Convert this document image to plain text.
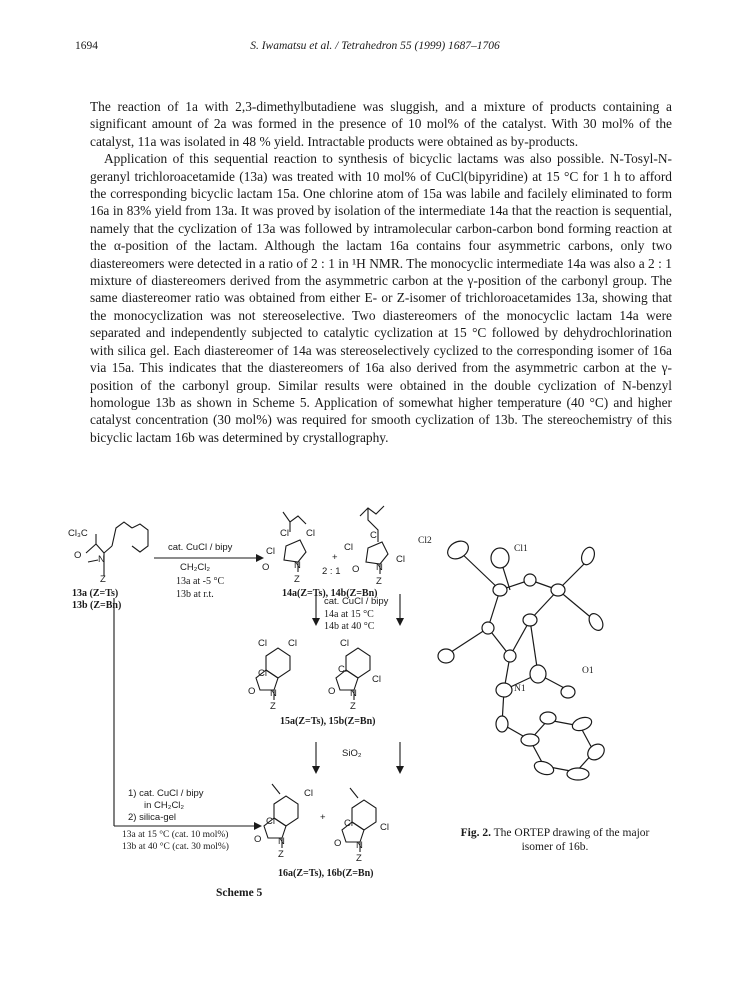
1694	S. Iwamatsu et al. / Tetrahedron 55 (1999) 1687–1706

The reaction of 1a with 2,3-dimethylbutadiene was sluggish, and a mixture of products containing a significant amount of 2a was formed in the presence of 10 mol% of the catalyst. With 30 mol% of the catalyst, 11a was isolated in 48 % yield. Intractable products were obtained as by-products.

Application of this sequential reaction to synthesis of bicyclic lactams was also possible. N-Tosyl-N-geranyl trichloroacetamide (13a) was treated with 10 mol% of CuCl(bipyridine) at 15 °C for 1 h to afford the corresponding bicyclic lactam 15a. One chlorine atom of 15a was labile and facilely eliminated to form 16a in 83% yield from 13a. It was proved by isolation of the intermediate 14a that the reaction is sequential, namely that the cyclization of 13a was followed by intramolecular carbon-carbon bond forming reaction at the α-position of the lactam. Although the lactam 16a contains four asymmetric carbons, only two diastereomers were detected in a ratio of 2 : 1 in ¹H NMR. The monocyclic intermediate 14a was also a 2 : 1 mixture of diastereomers derived from the asymmetric carbon at the γ-position of the carbonyl group. The same diastereomer ratio was obtained from either E- or Z-isomer of trichloroacetamides 13a, showing that the monocyclization was not stereoselective. Two diastereomers of the monocyclic lactam 14a were separated and independently subjected to catalytic cyclization at 15 °C followed by dehydrochlorination with silica gel. Each diastereomer of 14a was stereoselectively cyclized to the corresponding isomer of 16a via 15a. This indicates that the diastereomers of 16a also derived from the asymmetric carbon at the γ-position of the carbonyl group. Similar results were obtained in the double cyclization of N-benzyl homologue 13b as shown in Scheme 5. Application of somewhat higher temperature (40 °C) and higher catalyst concentration (30 mol%) was required for smooth cyclization of 13b. The stereochemistry of this bicyclic lactam 16b was determined by crystallography.

Cl₃C
O N
Z
13a (Z=Ts)
13b (Z=Bn)
cat. CuCl / bipy
CH₂Cl₂
13a at -5 °C
13b at r.t.
Cl
Cl Cl
O	N
Z
+
2 : 1
Cl
Cl
Cl
O N
Z
14a(Z=Ts), 14b(Z=Bn)
cat. CuCl / bipy
14a at 15 °C
14b at 40 °C
Cl Cl
Cl
O N
Z
Cl
Cl
Cl
O N
Z
15a(Z=Ts), 15b(Z=Bn)
SiO₂
1) cat. CuCl / bipy
in CH₂Cl₂
2) silica-gel
13a at 15 °C (cat. 10 mol%)
13b at 40 °C (cat. 30 mol%)
Cl
Cl
O N
Z
+
Cl	Cl
O N
Z
16a(Z=Ts), 16b(Z=Bn)
Cl2
Cl1
O1
N1
Fig. 2. The ORTEP drawing of the major isomer of 16b.
Scheme 5
